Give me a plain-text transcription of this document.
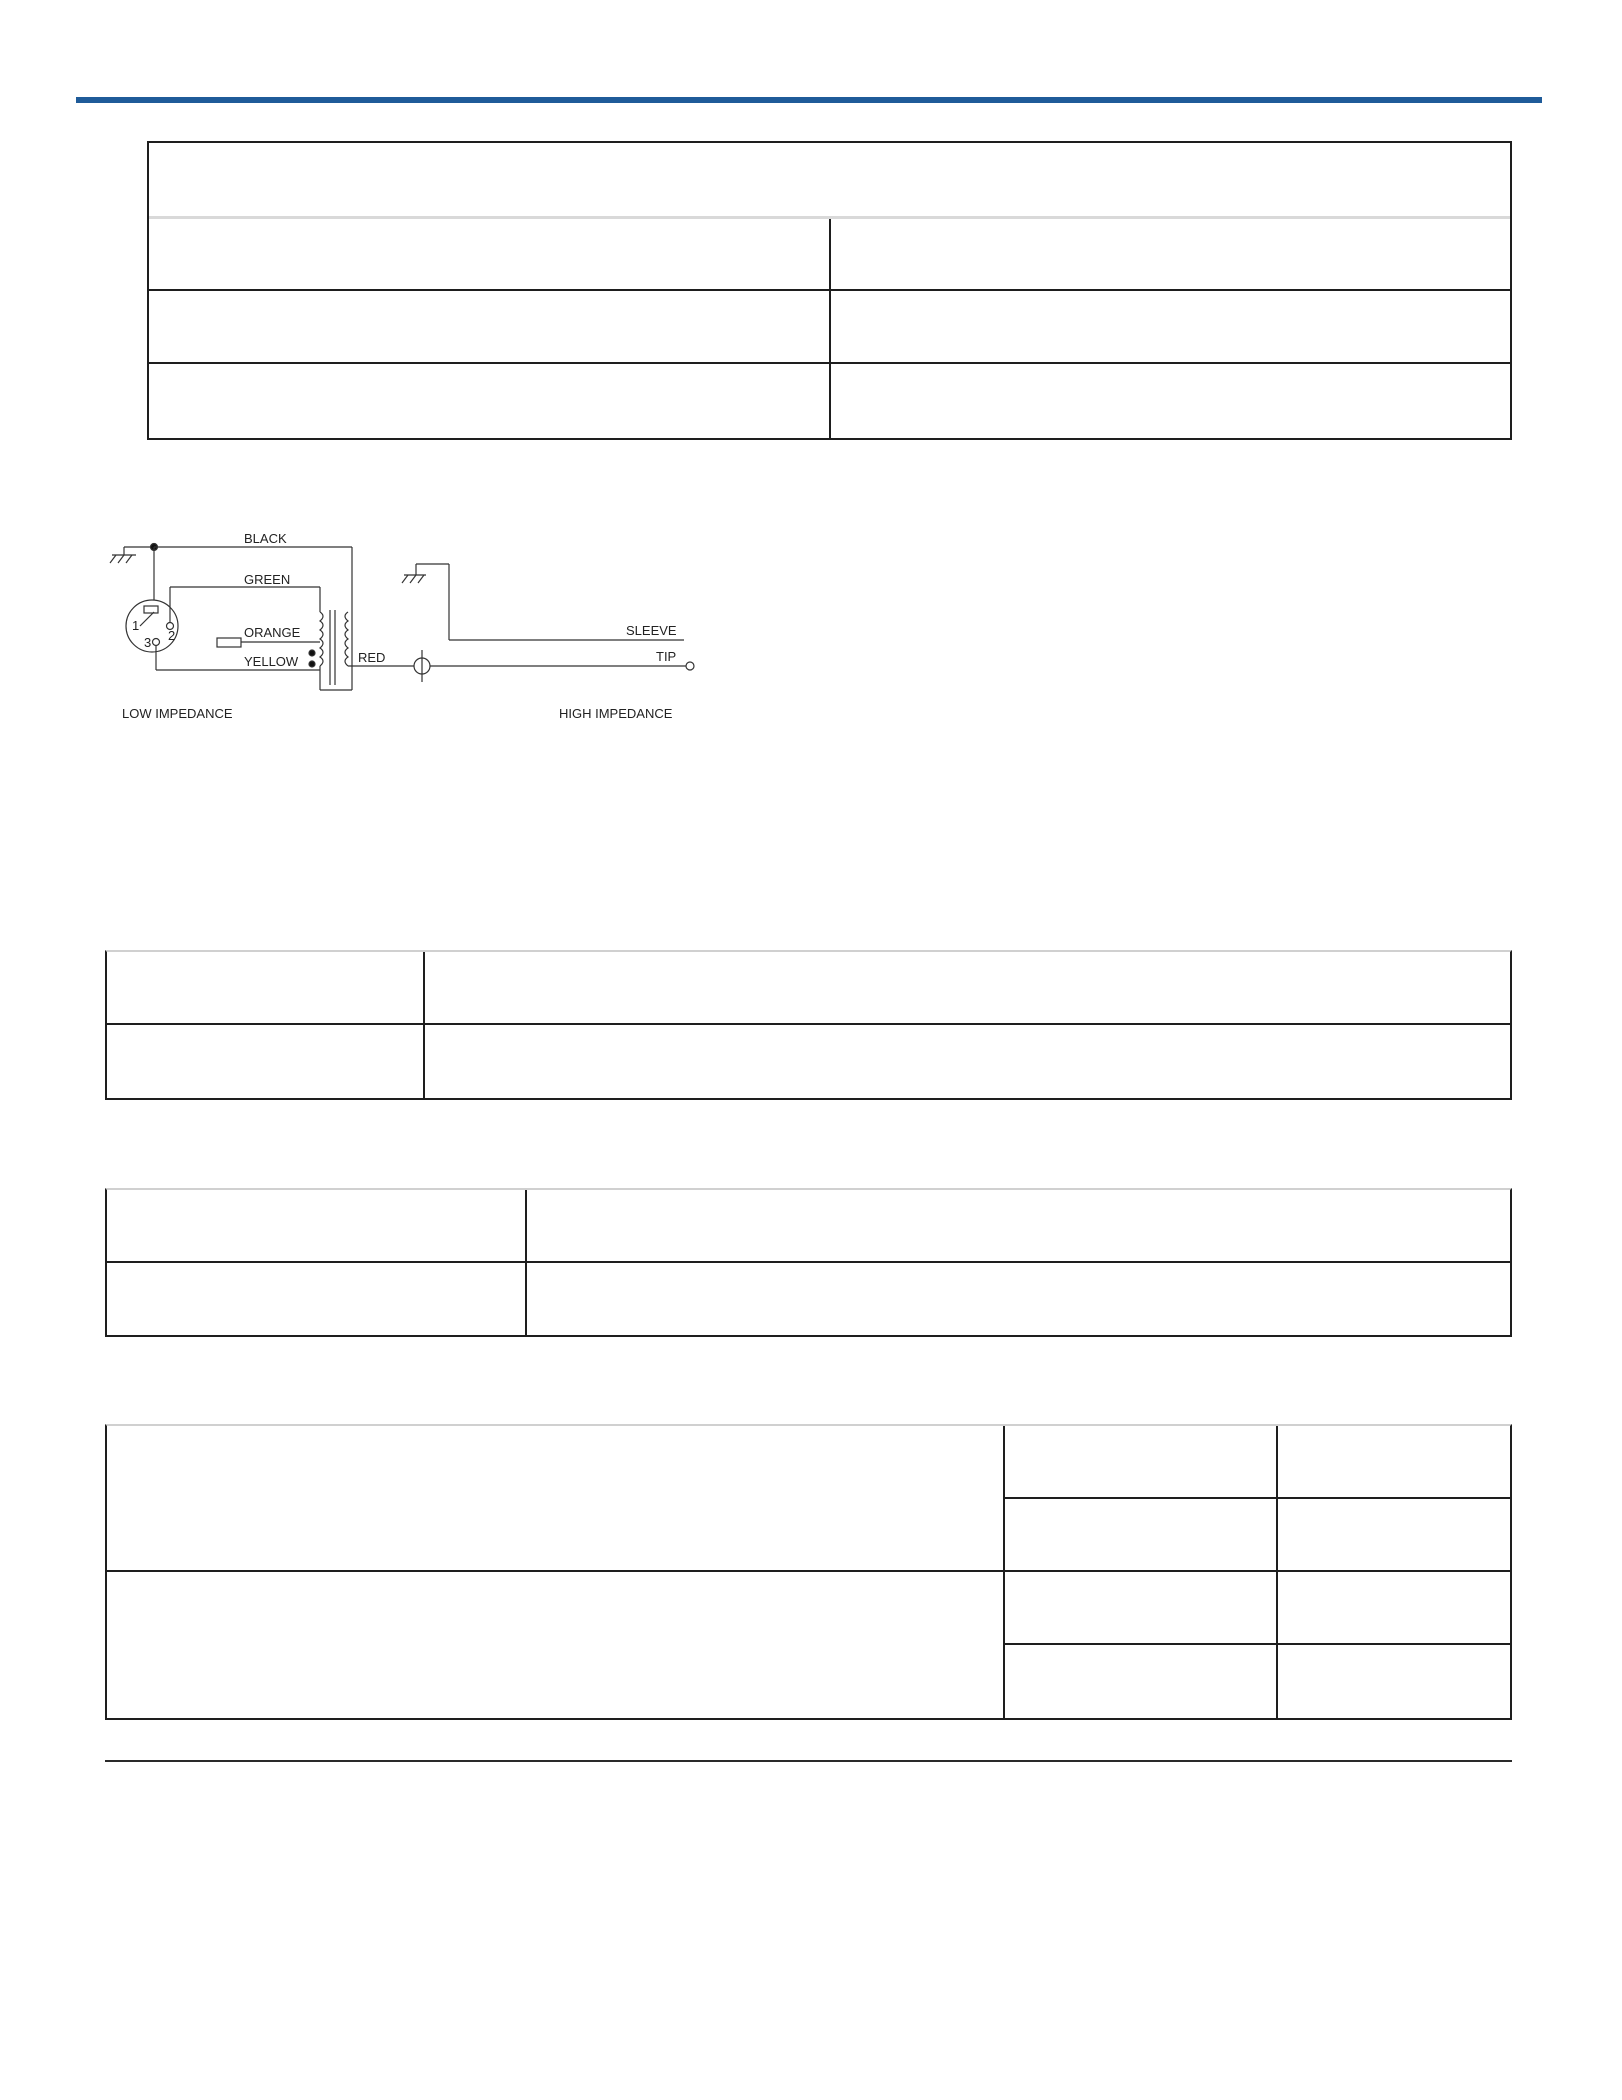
BLACK
1
2
3
GREEN
ORANGE
YELLOW	RED
SLEEVE
TIP
LOW IMPEDANCE	HIGH IMPEDANCE
